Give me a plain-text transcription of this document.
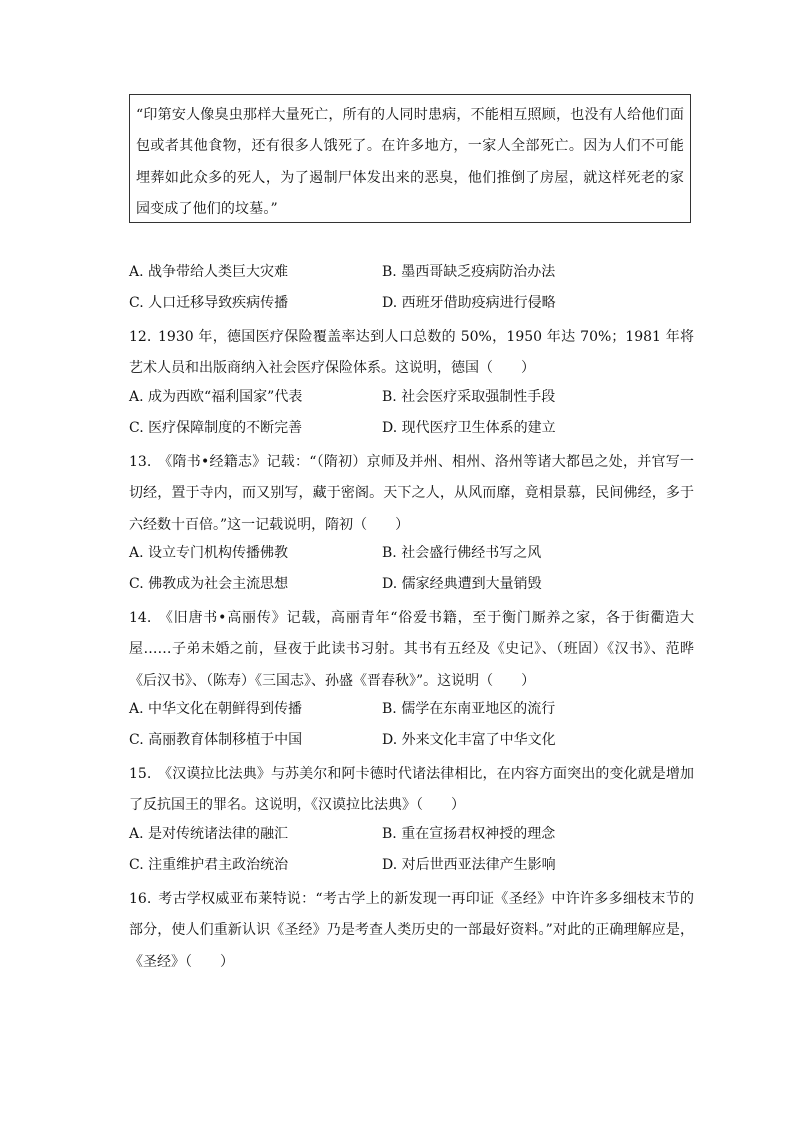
“印第安人像臭虫那样大量死亡，所有的人同时患病，不能相互照顾，也没有人给他们面包或者其他食物，还有很多人饿死了。在许多地方，一家人全部死亡。因为人们不可能埋葬如此众多的死人，为了遏制尸体发出来的恶臭，他们推倒了房屋，就这样死老的家园变成了他们的坟墓。”

A. 战争带给人类巨大灾难	B. 墨西哥缺乏疫病防治办法
C. 人口迁移导致疾病传播	D. 西班牙借助疫病进行侵略

12. 1930 年，德国医疗保险覆盖率达到人口总数的 50%，1950 年达 70%；1981 年将艺术人员和出版商纳入社会医疗保险体系。这说明，德国（　　）

A. 成为西欧“福利国家”代表	B. 社会医疗采取强制性手段
C. 医疗保障制度的不断完善	D. 现代医疗卫生体系的建立

13. 《隋书•经籍志》记载：“（隋初）京师及并州、相州、洛州等诸大都邑之处，并官写一切经，置于寺内，而又别写，藏于密阁。天下之人，从风而靡，竟相景慕，民间佛经，多于六经数十百倍。”这一记载说明，隋初（　　）

A. 设立专门机构传播佛教	B. 社会盛行佛经书写之风
C. 佛教成为社会主流思想	D. 儒家经典遭到大量销毁

14. 《旧唐书•高丽传》记载，高丽青年“俗爱书籍，至于衡门厮养之家，各于街衢造大屋……子弟未婚之前，昼夜于此读书习射。其书有五经及《史记》、（班固）《汉书》、范晔《后汉书》、（陈寿）《三国志》、孙盛《晋春秋》”。这说明（　　）

A. 中华文化在朝鲜得到传播	B. 儒学在东南亚地区的流行
C. 高丽教育体制移植于中国	D. 外来文化丰富了中华文化

15. 《汉谟拉比法典》与苏美尔和阿卡德时代诸法律相比，在内容方面突出的变化就是增加了反抗国王的罪名。这说明，《汉谟拉比法典》（　　）

A. 是对传统诸法律的融汇	B. 重在宣扬君权神授的理念
C. 注重维护君主政治统治	D. 对后世西亚法律产生影响

16. 考古学权威亚布莱特说：“考古学上的新发现一再印证《圣经》中许许多多细枝末节的部分，使人们重新认识《圣经》乃是考查人类历史的一部最好资料。”对此的正确理解应是，《圣经》（　　）
